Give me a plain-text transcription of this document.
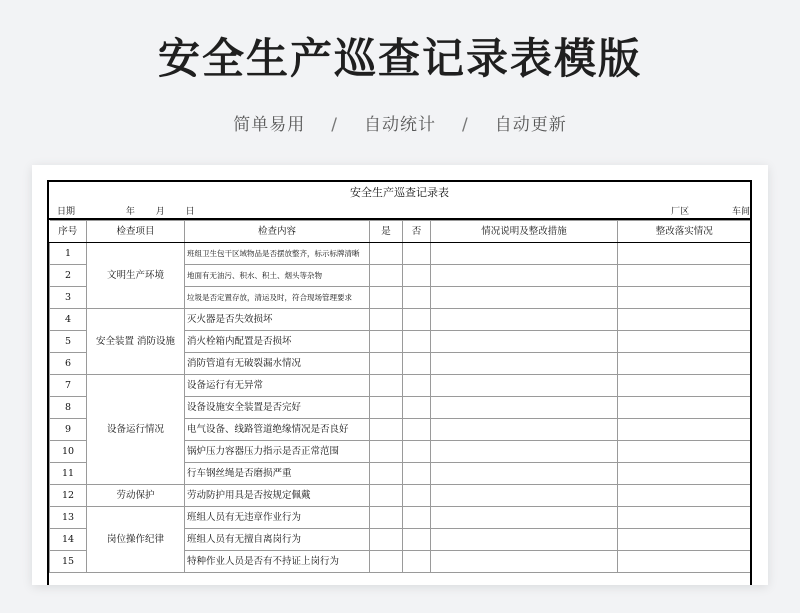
安全生产巡查记录表模版
简单易用 / 自动统计 / 自动更新
安全生产巡查记录表
日期	年 月 日	厂区	车间
序号	检查项目	检查内容	是	否	情况说明及整改措施	整改落实情况
1	文明生产环境	班组卫生包干区域物品是否摆放整齐，标示标牌清晰				
2		地面有无油污、积水、积土、烟头等杂物				
3		垃圾是否定置存放，清运及时，符合现场管理要求				
4	安全装置 消防设施	灭火器是否失效损坏				
5		消火栓箱内配置是否损坏				
6		消防管道有无破裂漏水情况				
7	设备运行情况	设备运行有无异常				
8		设备设施安全装置是否完好				
9		电气设备、线路管道绝缘情况是否良好				
10		锅炉压力容器压力指示是否正常范围				
11		行车钢丝绳是否磨损严重				
12	劳动保护	劳动防护用具是否按规定佩戴				
13	岗位操作纪律	班组人员有无违章作业行为				
14		班组人员有无擅自离岗行为				
15		特种作业人员是否有不持证上岗行为				
